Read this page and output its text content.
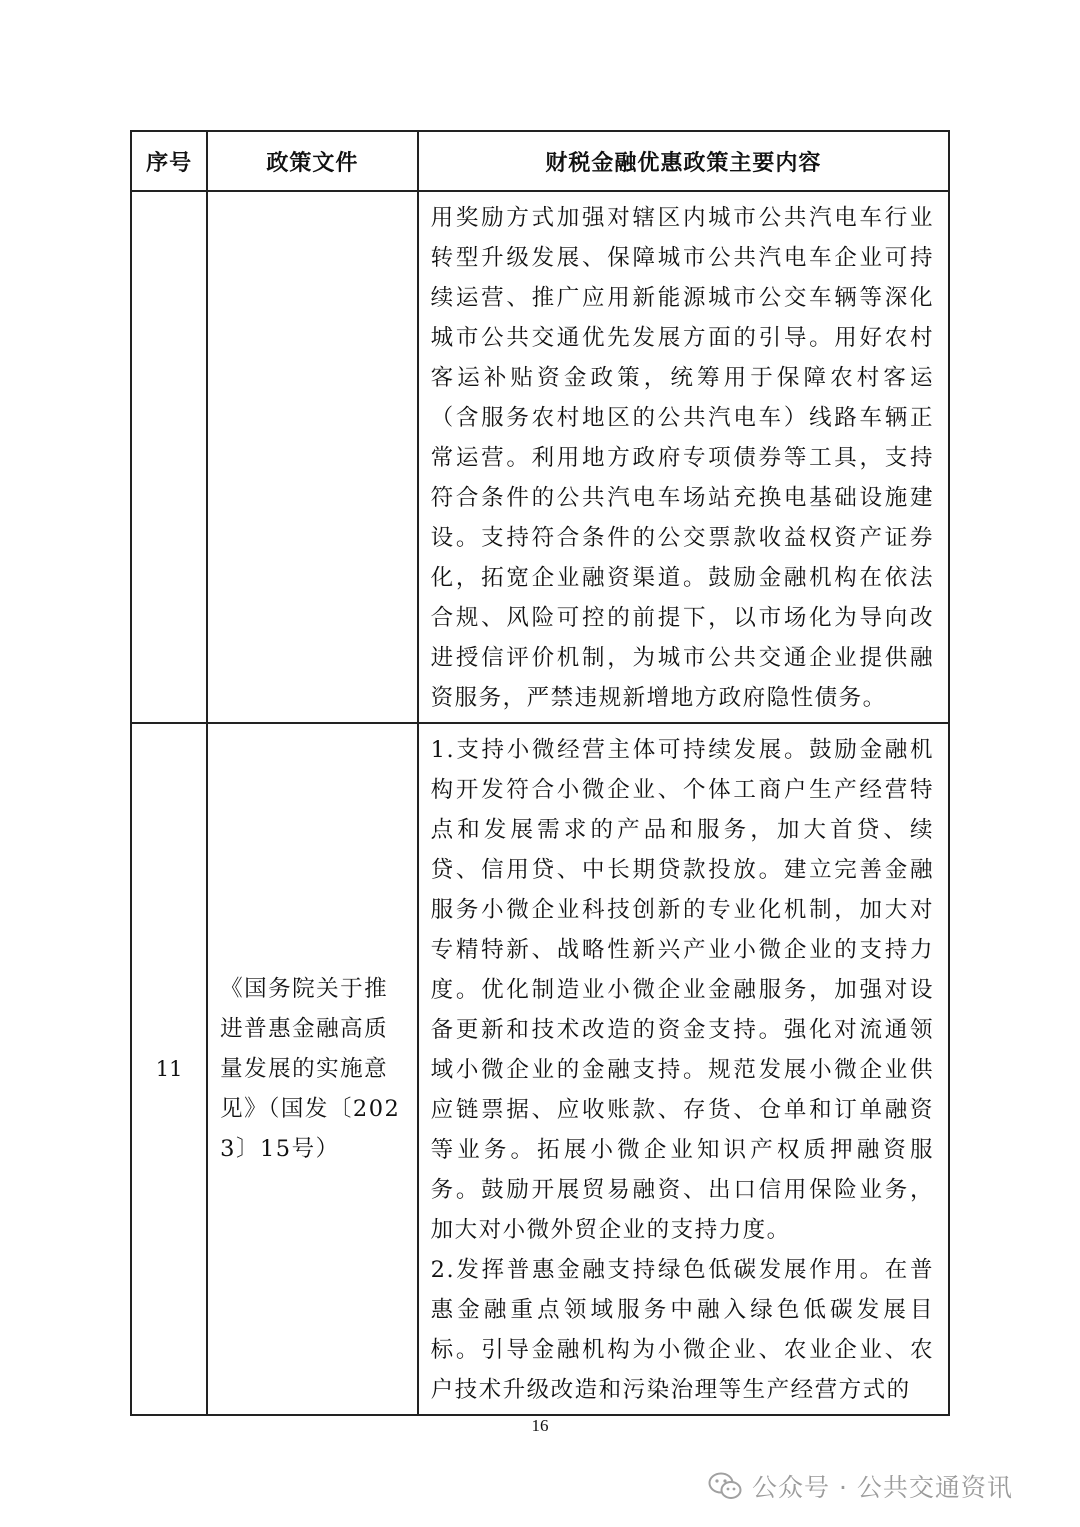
序号	政策文件	财税金融优惠政策主要内容

		用奖励方式加强对辖区内城市公共汽电车行业转型升级发展、保障城市公共汽电车企业可持续运营、推广应用新能源城市公交车辆等深化城市公共交通优先发展方面的引导。用好农村客运补贴资金政策，统筹用于保障农村客运（含服务农村地区的公共汽电车）线路车辆正常运营。利用地方政府专项债券等工具，支持符合条件的公共汽电车场站充换电基础设施建设。支持符合条件的公交票款收益权资产证券化，拓宽企业融资渠道。鼓励金融机构在依法合规、风险可控的前提下，以市场化为导向改进授信评价机制，为城市公共交通企业提供融资服务，严禁违规新增地方政府隐性债务。

11	《国务院关于推进普惠金融高质量发展的实施意见》（国发〔2023〕15号）	1.支持小微经营主体可持续发展。鼓励金融机构开发符合小微企业、个体工商户生产经营特点和发展需求的产品和服务，加大首贷、续贷、信用贷、中长期贷款投放。建立完善金融服务小微企业科技创新的专业化机制，加大对专精特新、战略性新兴产业小微企业的支持力度。优化制造业小微企业金融服务，加强对设备更新和技术改造的资金支持。强化对流通领域小微企业的金融支持。规范发展小微企业供应链票据、应收账款、存货、仓单和订单融资等业务。拓展小微企业知识产权质押融资服务。鼓励开展贸易融资、出口信用保险业务，加大对小微外贸企业的支持力度。
2.发挥普惠金融支持绿色低碳发展作用。在普惠金融重点领域服务中融入绿色低碳发展目标。引导金融机构为小微企业、农业企业、农户技术升级改造和污染治理等生产经营方式的
16
公众号 · 公共交通资讯
